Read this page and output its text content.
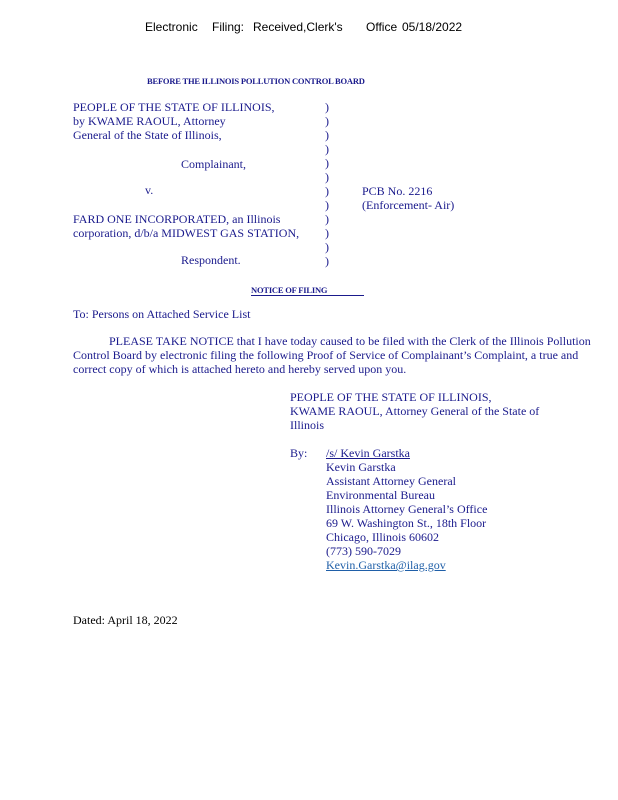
Electronic Filing: Received,Clerk's Office 05/18/2022
BEFORE THE ILLINOIS POLLUTION CONTROL BOARD
PEOPLE OF THE STATE OF ILLINOIS,
by KWAME RAOUL, Attorney
General of the State of Illinois,
Complainant,
v.
FARD ONE INCORPORATED, an Illinois
corporation, d/b/a MIDWEST GAS STATION,
Respondent.
)
)
)
)
)
)
)
)
)
)
)
)
PCB No. 2216
(Enforcement- Air)
NOTICE OF FILING
To: Persons on Attached Service List
PLEASE TAKE NOTICE that I have today caused to be filed with the Clerk of the Illinois Pollution Control Board by electronic filing the following Proof of Service of Complainant’s Complaint, a true and correct copy of which is attached hereto and hereby served upon you.
PEOPLE OF THE STATE OF ILLINOIS,
KWAME RAOUL, Attorney General of the State of
Illinois
By: /s/ Kevin Garstka
Kevin Garstka
Assistant Attorney General
Environmental Bureau
Illinois Attorney General’s Office
69 W. Washington St., 18th Floor
Chicago, Illinois 60602
(773) 590-7029
Kevin.Garstka@ilag.gov
Dated: April 18, 2022
